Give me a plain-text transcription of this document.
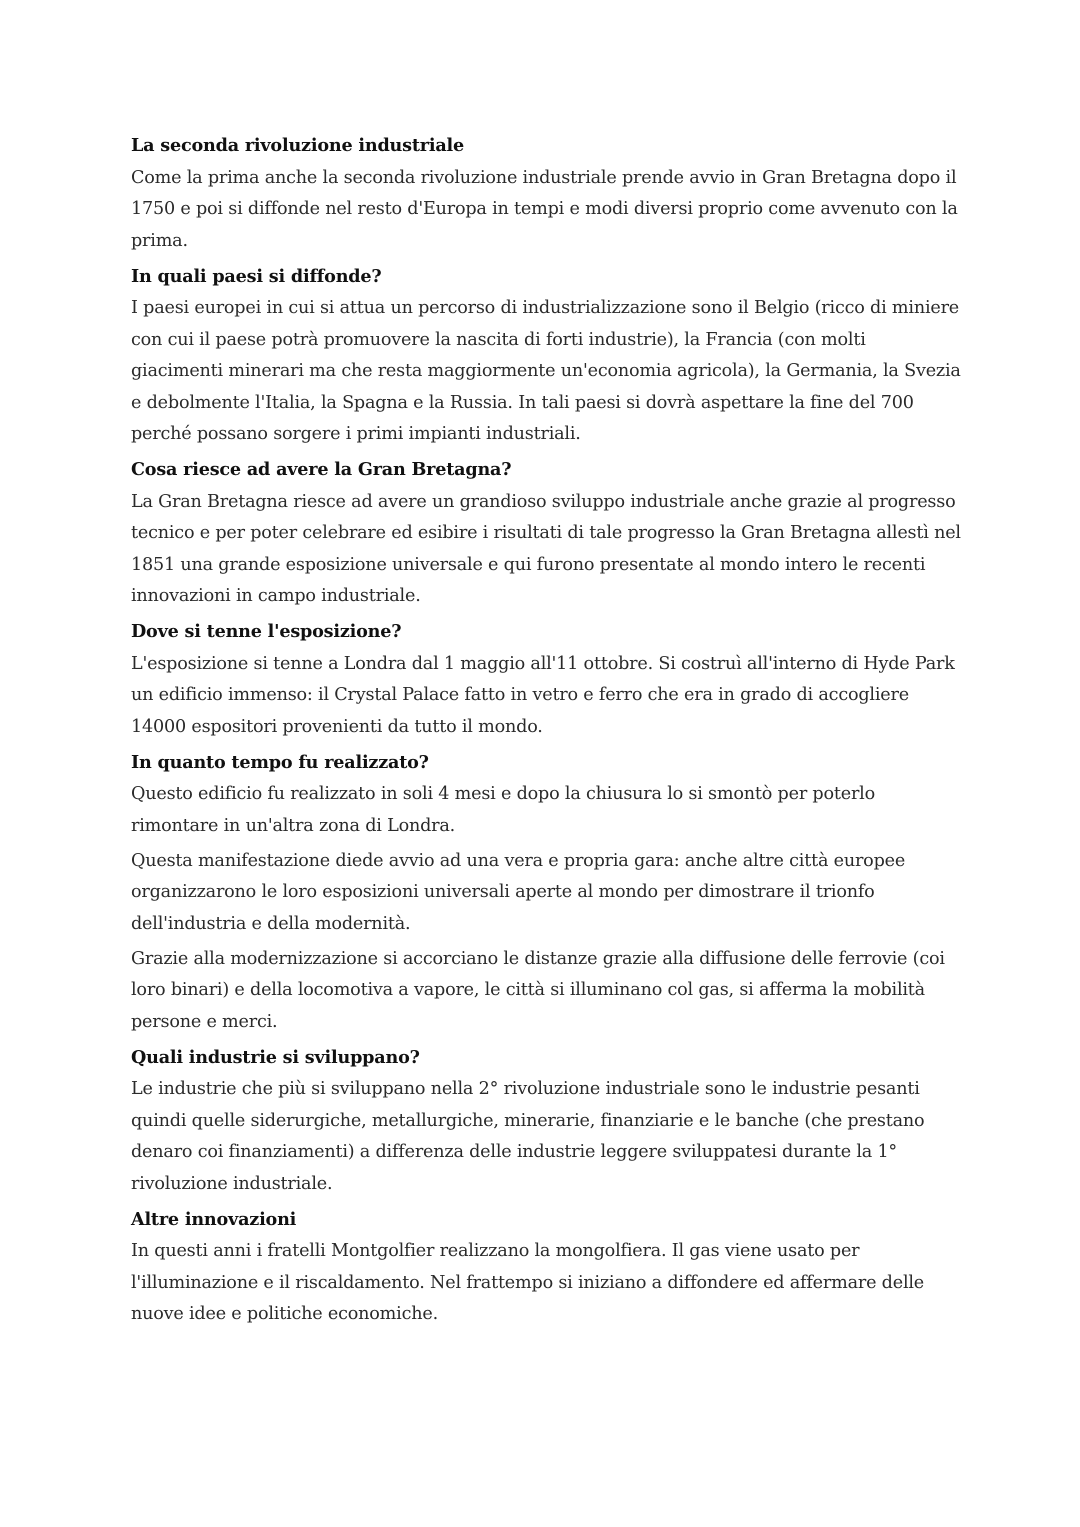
La seconda rivoluzione industriale
Come la prima anche la seconda rivoluzione industriale prende avvio in Gran Bretagna dopo il 1750 e poi si diffonde nel resto d'Europa in tempi e modi diversi proprio come avvenuto con la prima.
In quali paesi si diffonde?
I paesi europei in cui si attua un percorso di industrializzazione sono il Belgio (ricco di miniere con cui il paese potrà promuovere la nascita di forti industrie), la Francia (con molti giacimenti minerari ma che resta maggiormente un'economia agricola), la Germania, la Svezia e debolmente l'Italia, la Spagna e la Russia. In tali paesi si dovrà aspettare la fine del 700 perché possano sorgere i primi impianti industriali.
Cosa riesce ad avere la Gran Bretagna?
La Gran Bretagna riesce ad avere un grandioso sviluppo industriale anche grazie al progresso tecnico e per poter celebrare ed esibire i risultati di tale progresso la Gran Bretagna allestì nel 1851 una grande esposizione universale e qui furono presentate al mondo intero le recenti innovazioni in campo industriale.
Dove si tenne l'esposizione?
L'esposizione si tenne a Londra dal 1 maggio all'11 ottobre. Si costruì all'interno di Hyde Park un edificio immenso: il Crystal Palace fatto in vetro e ferro che era in grado di accogliere 14000 espositori provenienti da tutto il mondo.
In quanto tempo fu realizzato?
Questo edificio fu realizzato in soli 4 mesi e dopo la chiusura lo si smontò per poterlo rimontare in un'altra zona di Londra.
Questa manifestazione diede avvio ad una vera e propria gara: anche altre città europee organizzarono le loro esposizioni universali aperte al mondo per dimostrare il trionfo dell'industria e della modernità.
Grazie alla modernizzazione si accorciano le distanze grazie alla diffusione delle ferrovie (coi loro binari) e della locomotiva a vapore, le città si illuminano col gas, si afferma la mobilità persone e merci.
Quali industrie si sviluppano?
Le industrie che più si sviluppano nella 2° rivoluzione industriale sono le industrie pesanti quindi quelle siderurgiche, metallurgiche, minerarie, finanziarie e le banche (che prestano denaro coi finanziamenti) a differenza delle industrie leggere sviluppatesi durante la 1° rivoluzione industriale.
Altre innovazioni
In questi anni i fratelli Montgolfier realizzano la mongolfiera. Il gas viene usato per l'illuminazione e il riscaldamento. Nel frattempo si iniziano a diffondere ed affermare delle nuove idee e politiche economiche.
